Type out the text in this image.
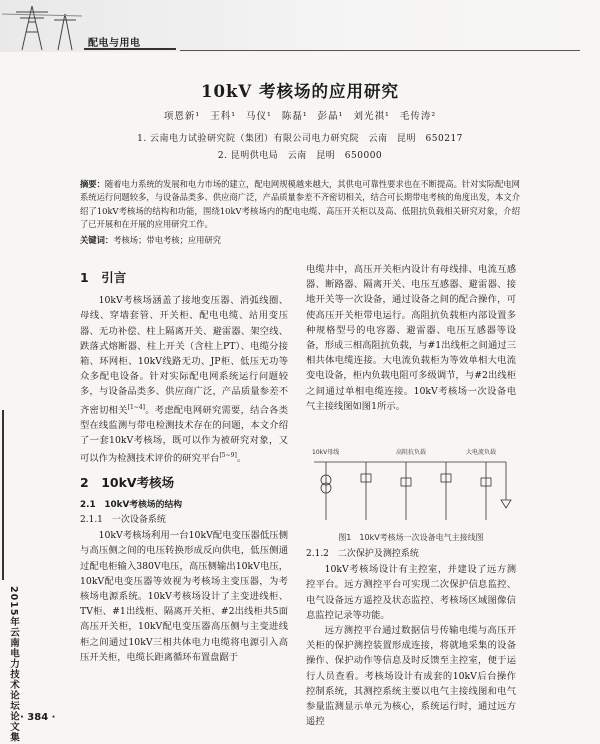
配电与用电
2015年云南电力技术论坛论文集 · 384 ·
10kV 考核场的应用研究
项恩新¹ 王科¹ 马仪¹ 陈磊¹ 彭晶¹ 刘光祺¹ 毛传涛²
1. 云南电力试验研究院（集团）有限公司电力研究院　云南　昆明　650217
2. 昆明供电局　云南　昆明　650000
摘要：随着电力系统的发展和电力市场的建立，配电网规模越来越大，其供电可靠性要求也在不断提高。针对实际配电网系统运行问题较多，与设备品类多、供应商广泛，产品质量参差不齐密切相关，结合可长期带电考核的角度出发，本文介绍了10kV考核场的结构和功能，围绕10kV考核场内的配电电缆、高压开关柜以及高、低阻抗负载相关研究对象，介绍了已开展和在开展的应用研究工作。
关键词：考核场；带电考核；应用研究
1　引言

10kV考核场涵盖了接地变压器、消弧线圈、母线、穿墙套管、开关柜、配电电缆、站用变压器、无功补偿、柱上隔离开关、避雷器、架空线、跌落式熔断器、柱上开关（含柱上PT）、电缆分接箱、环网柜、10kV线路无功、JP柜、低压无功等众多配电设备。针对实际配电网系统运行问题较多，与设备品类多、供应商广泛，产品质量参差不齐密切相关[1~4]。考虑配电网研究需要，结合各类型在线监测与带电检测技术存在的问题，本文介绍了一套10kV考核场，既可以作为被研究对象，又可以作为检测技术评价的研究平台[5~9]。

2　10kV考核场
2.1　10kV考核场的结构
2.1.1　一次设备系统

10kV考核场利用一台10kV配电变压器低压侧与高压侧之间的电压转换形成反向供电，低压侧通过配电柜输入380V电压，高压侧输出10kV电压，10kV配电变压器等效视为考核场主变压器，为考核场电源系统。10kV考核场设计了主变进线柜、TV柜、#1出线柜、隔离开关柜、#2出线柜共5面高压开关柜，10kV配电变压器高压侧与主变进线柜之间通过10kV三相共体电力电缆将电源引入高压开关柜，电缆长距离循环布置盘踞于

电缆井中，高压开关柜内设计有母线排、电流互感器、断路器、隔离开关、电压互感器、避雷器、接地开关等一次设备，通过设备之间的配合操作，可使高压开关柜带电运行。高阻抗负载柜内部设置多种规格型号的电容器、避雷器、电压互感器等设备，形成三相高阻抗负载，与#1出线柜之间通过三相共体电缆连接。大电流负载柜为等效单相大电流变电设备，柜内负载电阻可多级调节，与#2出线柜之间通过单相电缆连接。10kV考核场一次设备电气主接线图如图1所示。

10kV母线	高阻抗负载	大电流负载
图1　10kV考核场一次设备电气主接线图
2.1.2　二次保护及测控系统

10kV考核场设计有主控室，并建设了远方测控平台。远方测控平台可实现二次保护信息监控、电气设备远方遥控及状态监控、考核场区域图像信息监控记录等功能。

远方测控平台通过数据信号传输电缆与高压开关柜的保护测控装置形成连接，将就地采集的设备操作、保护动作等信息及时反馈至主控室，便于运行人员查看。考核场设计有成套的10kV后台操作控制系统，其测控系统主要以电气主接线图和电气参量监测显示单元为核心，系统运行时，通过远方遥控
